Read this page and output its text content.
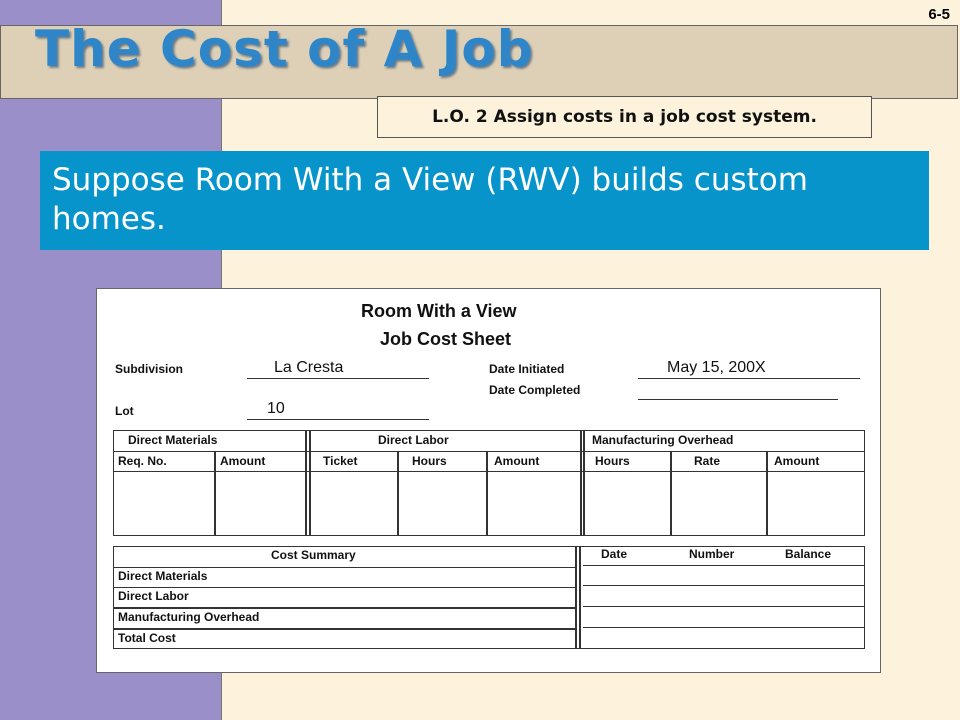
6-5
The Cost of A Job
L.O. 2 Assign costs in a job cost system.
Suppose Room With a View (RWV) builds custom homes.
Room With a View
Job Cost Sheet
Subdivision	La Cresta
Lot	10
Date Initiated	May 15, 200X
Date Completed
Direct Materials	Direct Labor	Manufacturing Overhead
Req. No.	Amount	Ticket	Hours	Amount	Hours	Rate	Amount
Cost Summary	Date	Number	Balance
Direct Materials
Direct Labor
Manufacturing Overhead
Total Cost
